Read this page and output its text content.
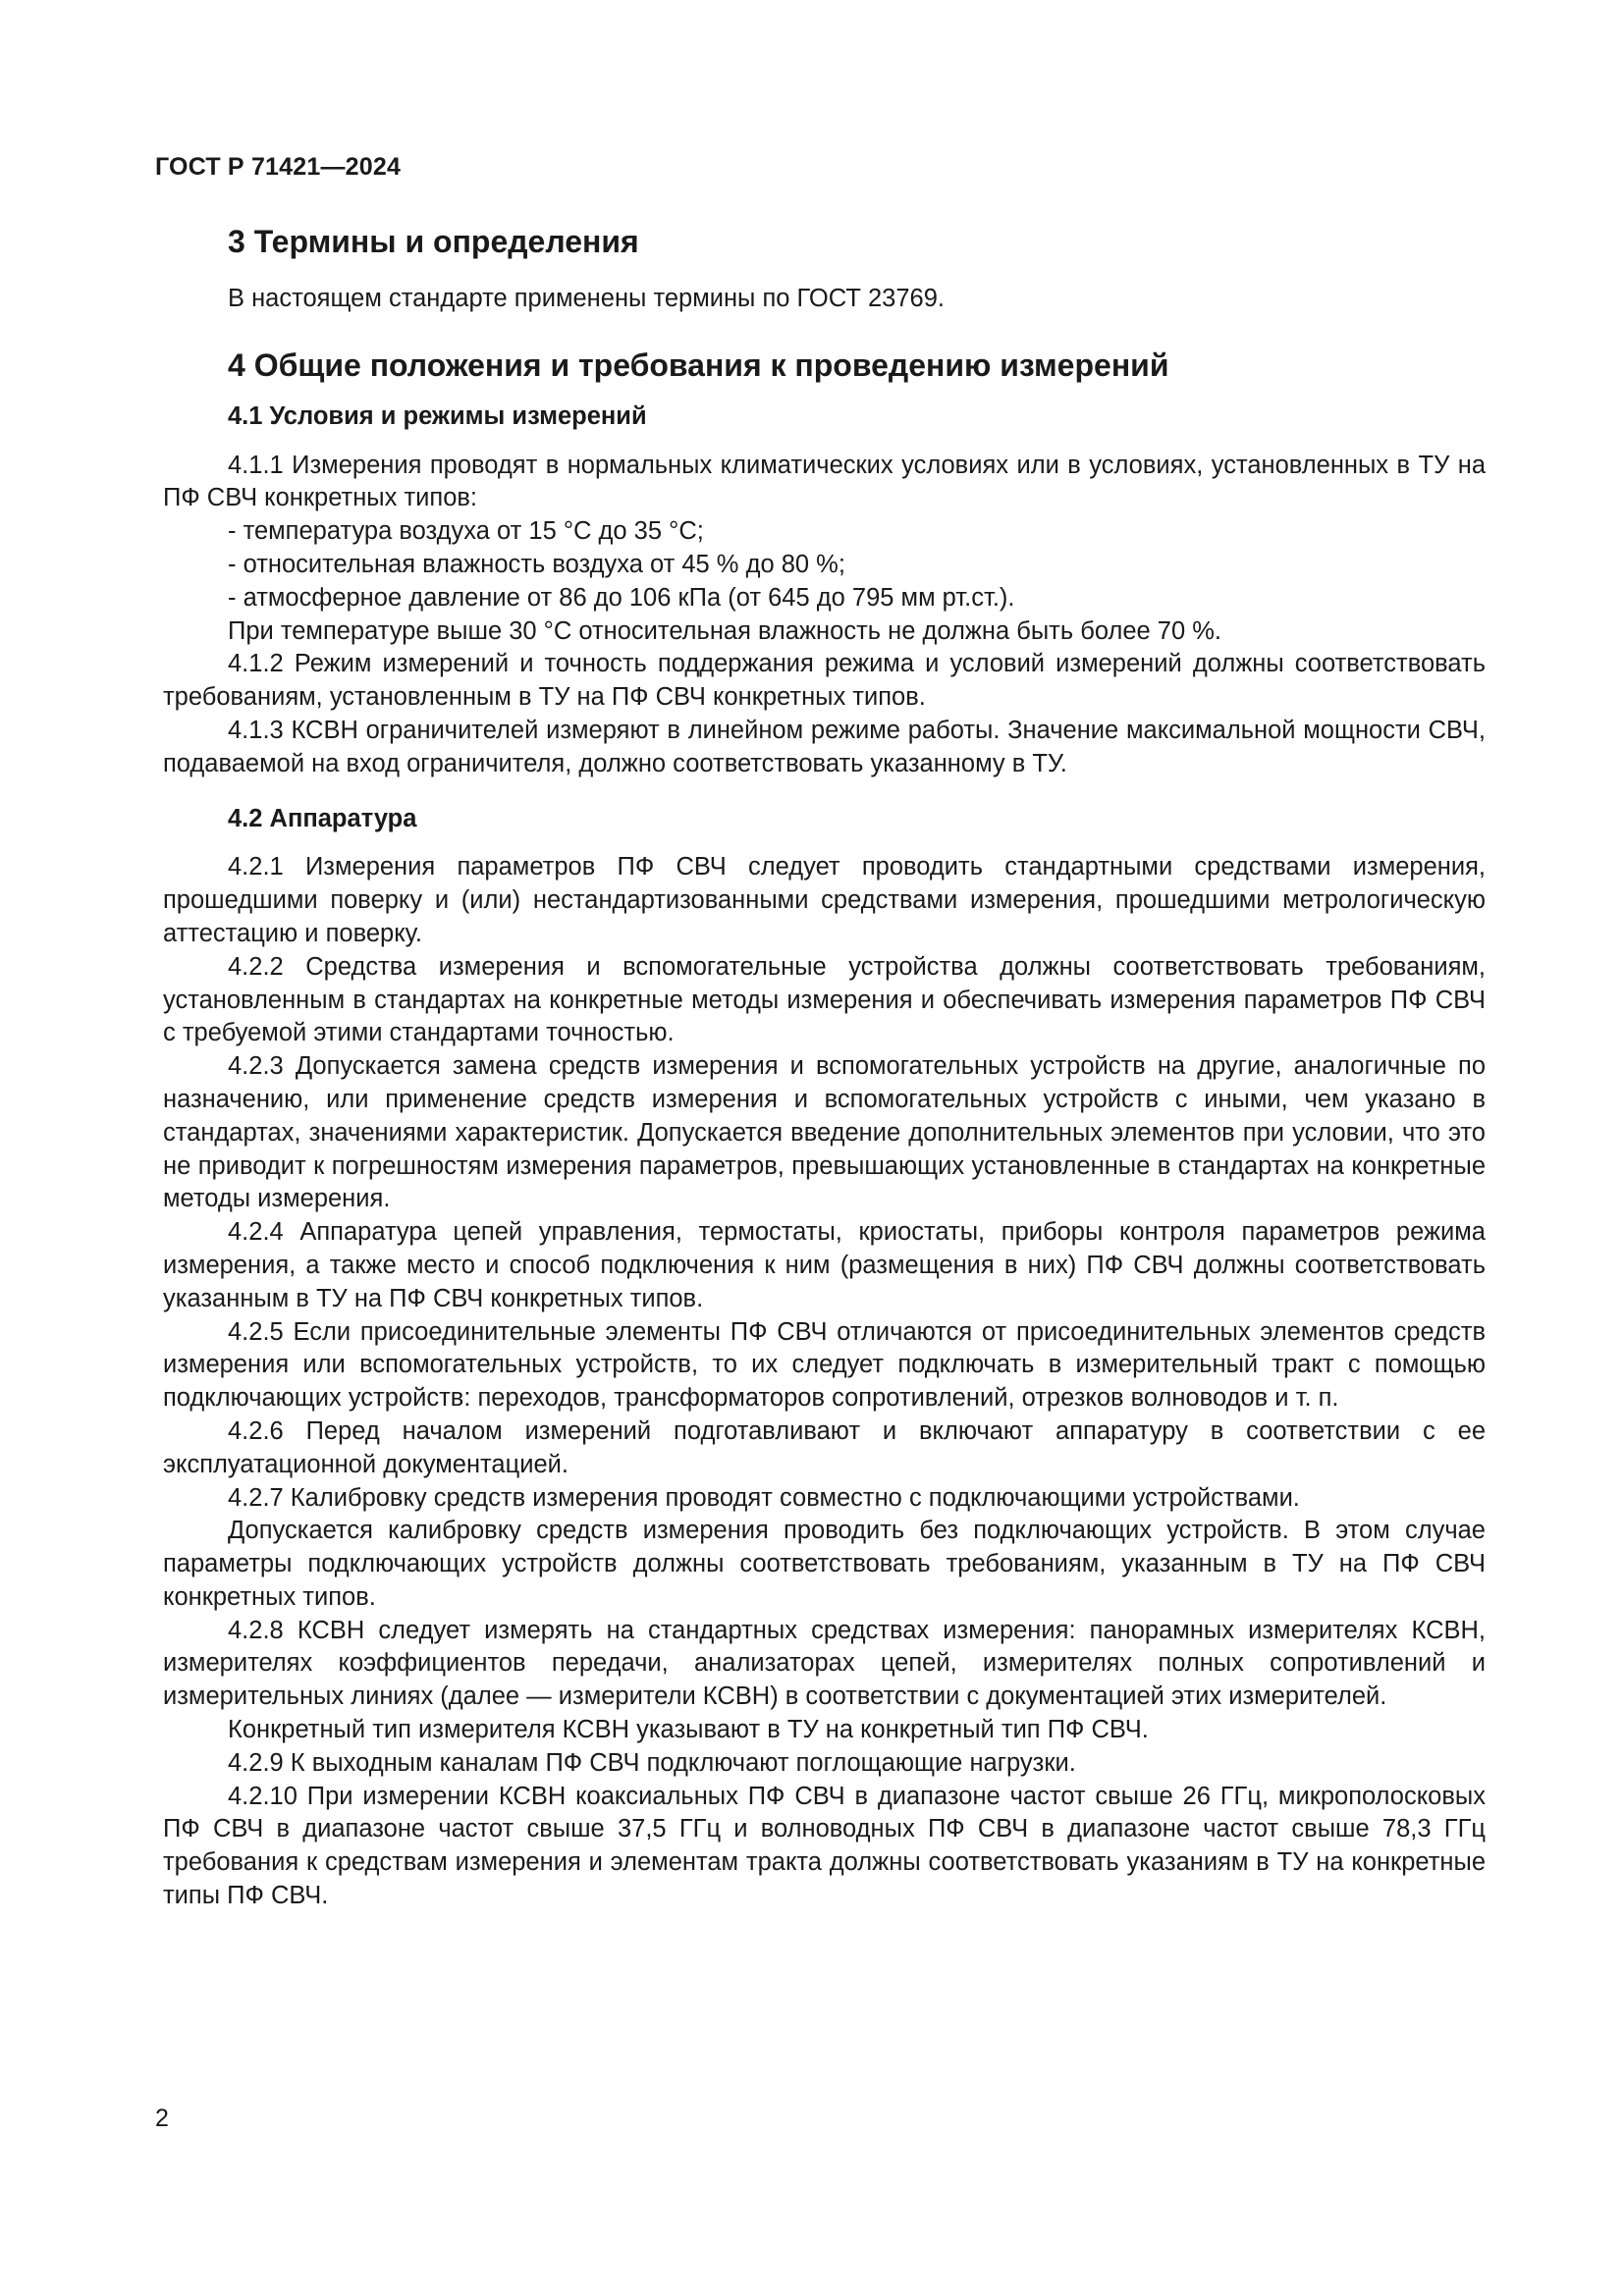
ГОСТ Р 71421—2024
3 Термины и определения

В настоящем стандарте применены термины по ГОСТ 23769.

4 Общие положения и требования к проведению измерений
4.1 Условия и режимы измерений

4.1.1 Измерения проводят в нормальных климатических условиях или в условиях, установленных в ТУ на ПФ СВЧ конкретных типов:

- температура воздуха от 15 °С до 35 °С;

- относительная влажность воздуха от 45 % до 80 %;

- атмосферное давление от 86 до 106 кПа (от 645 до 795 мм рт.ст.).

При температуре выше 30 °С относительная влажность не должна быть более 70 %.

4.1.2 Режим измерений и точность поддержания режима и условий измерений должны соответствовать требованиям, установленным в ТУ на ПФ СВЧ конкретных типов.

4.1.3 КСВН ограничителей измеряют в линейном режиме работы. Значение максимальной мощности СВЧ, подаваемой на вход ограничителя, должно соответствовать указанному в ТУ.

4.2 Аппаратура

4.2.1 Измерения параметров ПФ СВЧ следует проводить стандартными средствами измерения, прошедшими поверку и (или) нестандартизованными средствами измерения, прошедшими метрологическую аттестацию и поверку.

4.2.2 Средства измерения и вспомогательные устройства должны соответствовать требованиям, установленным в стандартах на конкретные методы измерения и обеспечивать измерения параметров ПФ СВЧ с требуемой этими стандартами точностью.

4.2.3 Допускается замена средств измерения и вспомогательных устройств на другие, аналогичные по назначению, или применение средств измерения и вспомогательных устройств с иными, чем указано в стандартах, значениями характеристик. Допускается введение дополнительных элементов при условии, что это не приводит к погрешностям измерения параметров, превышающих установленные в стандартах на конкретные методы измерения.

4.2.4 Аппаратура цепей управления, термостаты, криостаты, приборы контроля параметров режима измерения, а также место и способ подключения к ним (размещения в них) ПФ СВЧ должны соответствовать указанным в ТУ на ПФ СВЧ конкретных типов.

4.2.5 Если присоединительные элементы ПФ СВЧ отличаются от присоединительных элементов средств измерения или вспомогательных устройств, то их следует подключать в измерительный тракт с помощью подключающих устройств: переходов, трансформаторов сопротивлений, отрезков волноводов и т. п.

4.2.6 Перед началом измерений подготавливают и включают аппаратуру в соответствии с ее эксплуатационной документацией.

4.2.7 Калибровку средств измерения проводят совместно с подключающими устройствами.

Допускается калибровку средств измерения проводить без подключающих устройств. В этом случае параметры подключающих устройств должны соответствовать требованиям, указанным в ТУ на ПФ СВЧ конкретных типов.

4.2.8 КСВН следует измерять на стандартных средствах измерения: панорамных измерителях КСВН, измерителях коэффициентов передачи, анализаторах цепей, измерителях полных сопротивлений и измерительных линиях (далее — измерители КСВН) в соответствии с документацией этих измерителей.

Конкретный тип измерителя КСВН указывают в ТУ на конкретный тип ПФ СВЧ.

4.2.9 К выходным каналам ПФ СВЧ подключают поглощающие нагрузки.

4.2.10 При измерении КСВН коаксиальных ПФ СВЧ в диапазоне частот свыше 26 ГГц, микрополосковых ПФ СВЧ в диапазоне частот свыше 37,5 ГГц и волноводных ПФ СВЧ в диапазоне частот свыше 78,3 ГГц требования к средствам измерения и элементам тракта должны соответствовать указаниям в ТУ на конкретные типы ПФ СВЧ.

2
